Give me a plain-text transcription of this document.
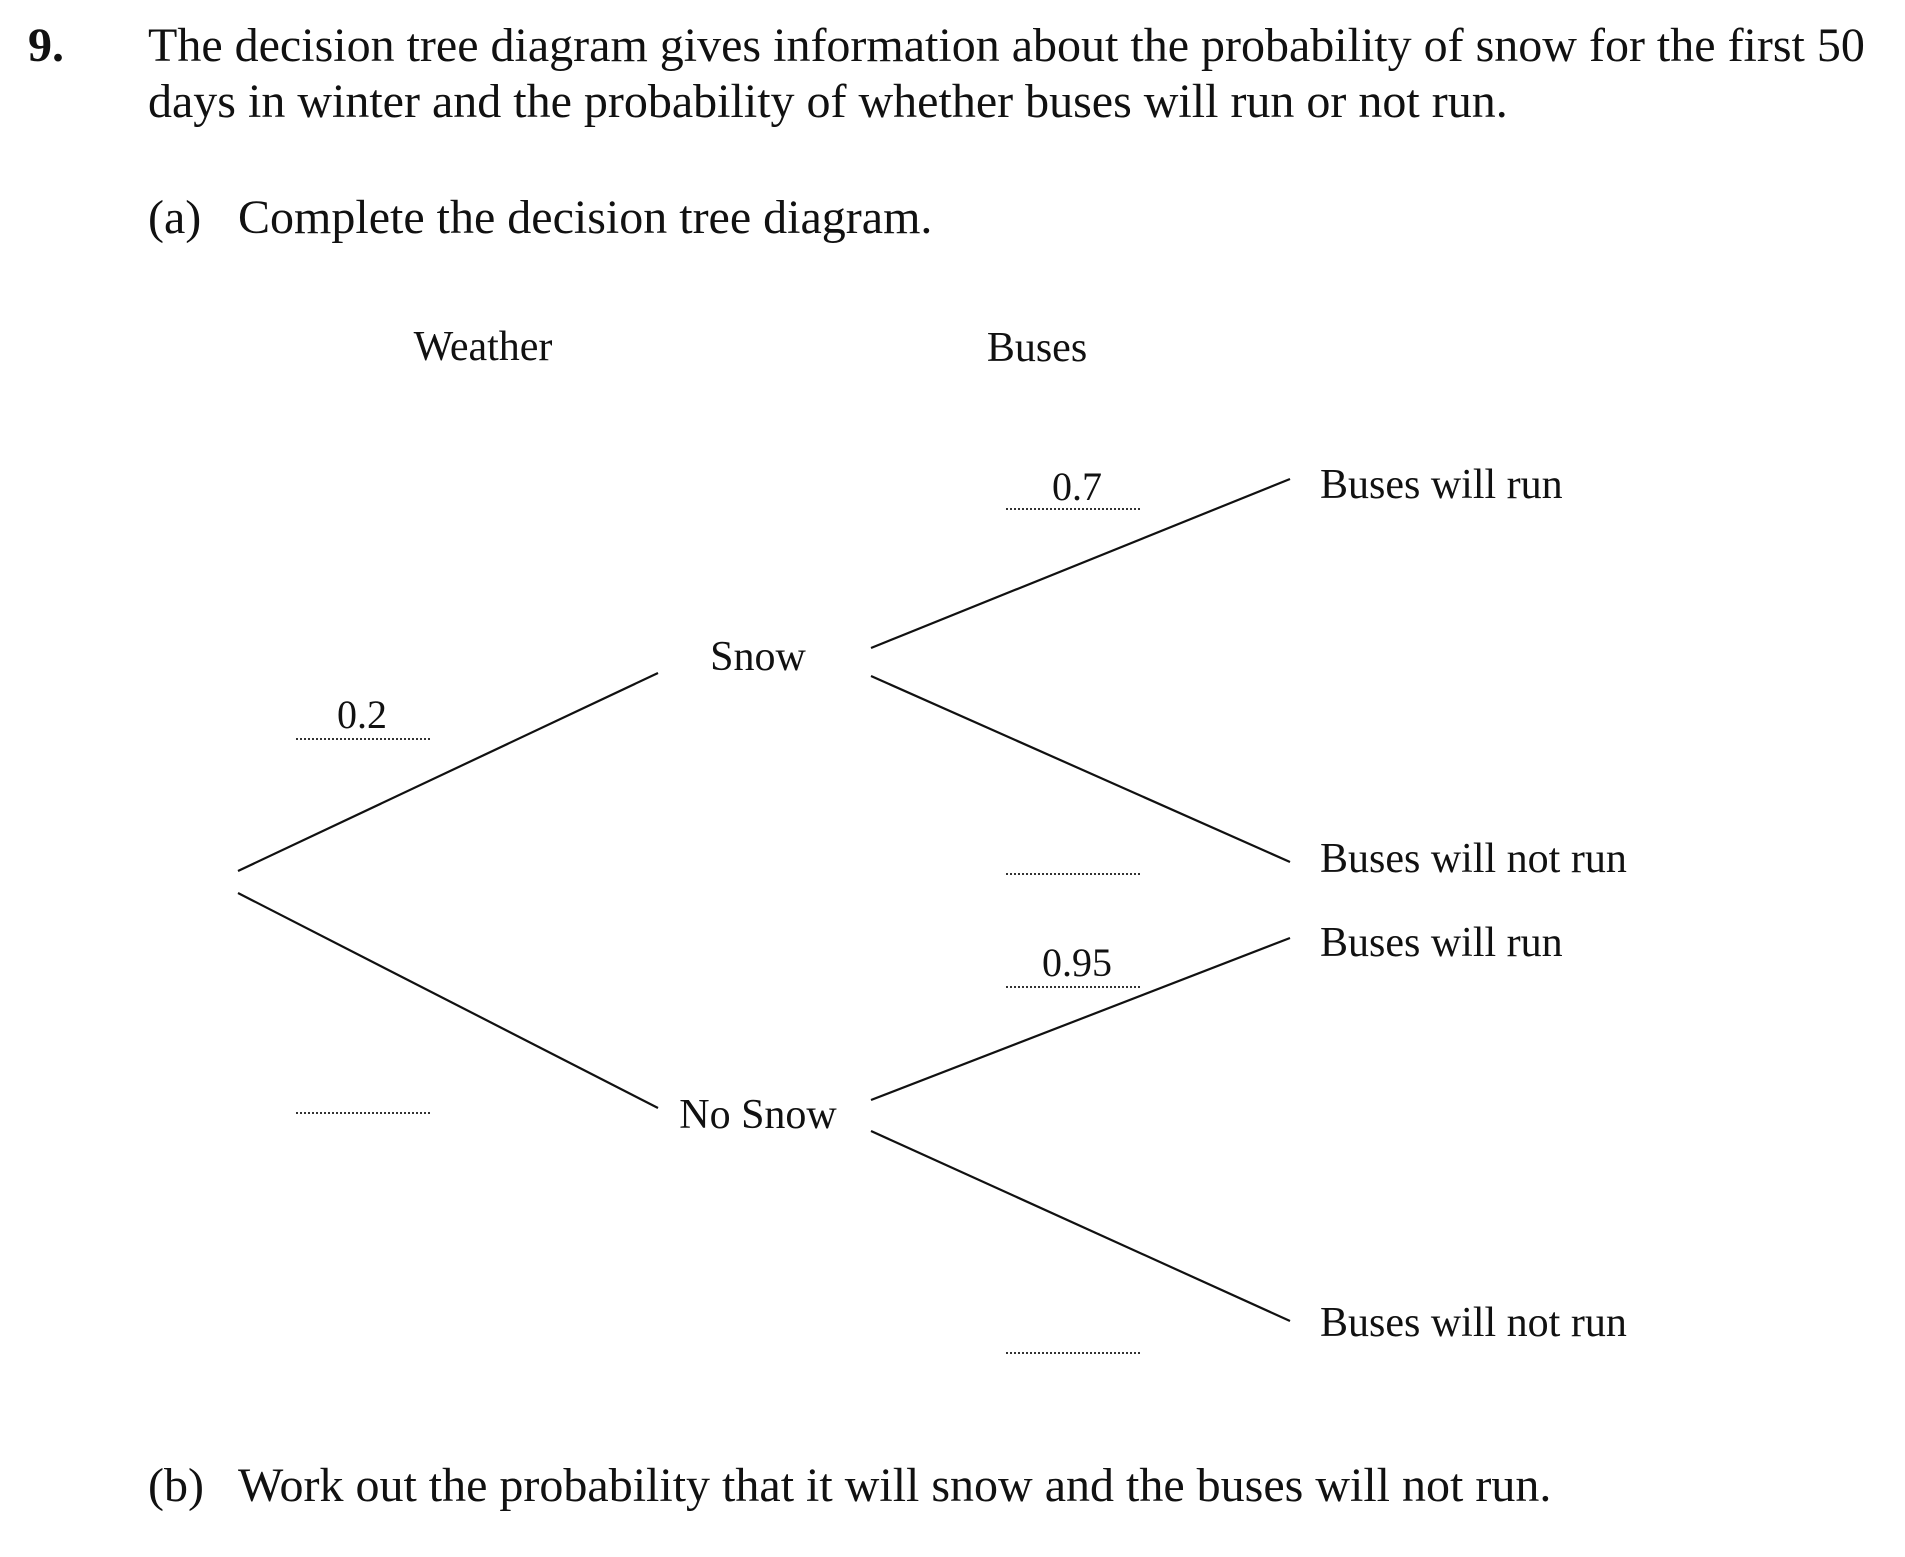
9. The decision tree diagram gives information about the probability of snow for the first 50 days in winter and the probability of whether buses will run or not run.
(a) Complete the decision tree diagram.
Weather	Buses
Snow
No Snow
Buses will run
Buses will not run
Buses will run
Buses will not run
0.2
0.7
0.95
(b) Work out the probability that it will snow and the buses will not run.
